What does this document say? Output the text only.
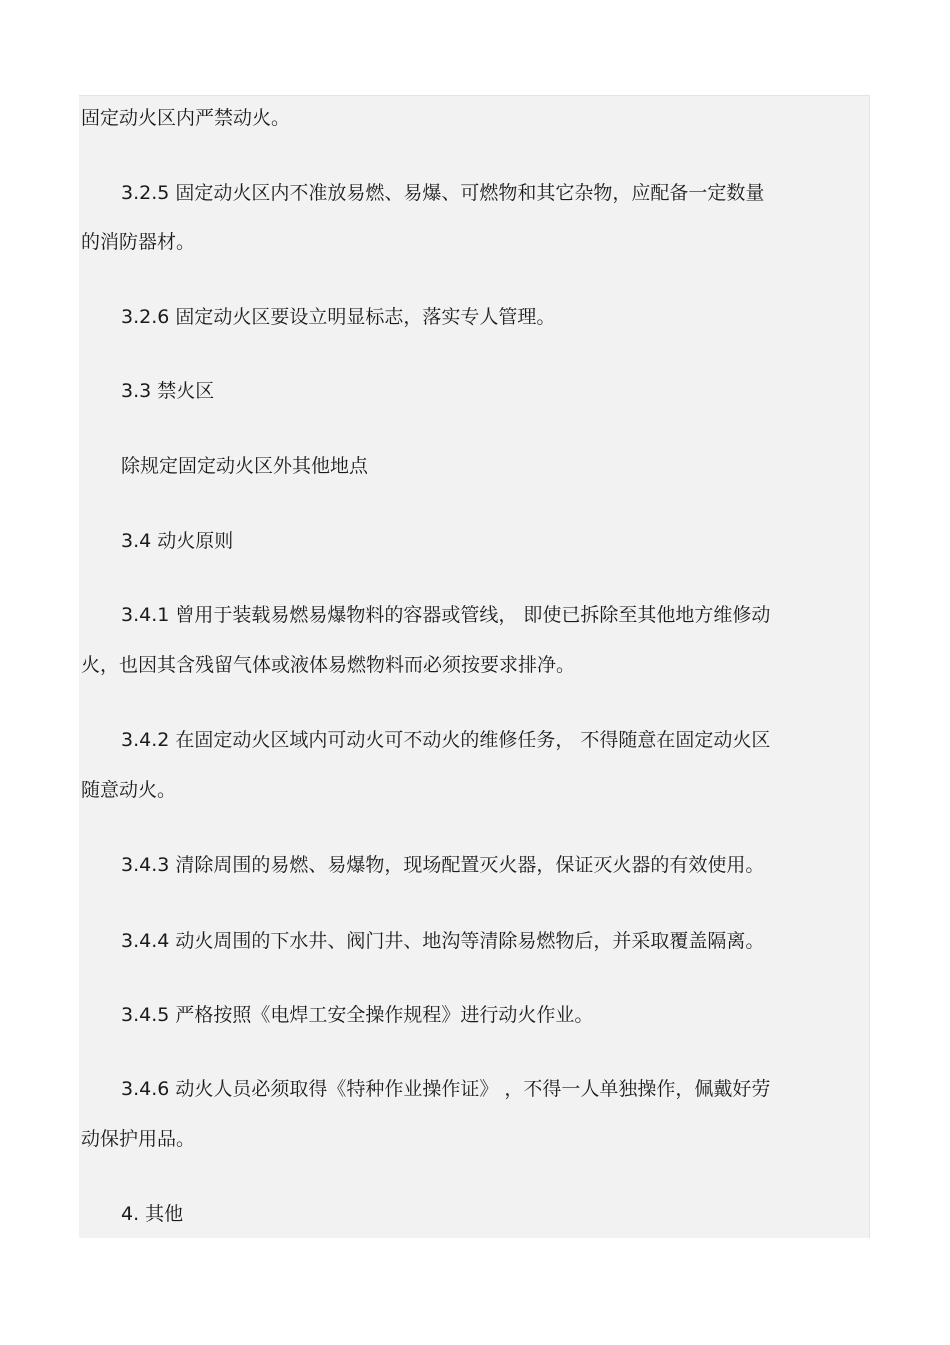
固定动火区内严禁动火。
3.2.5 固定动火区内不准放易燃、易爆、可燃物和其它杂物，应配备一定数量
的消防器材。
3.2.6 固定动火区要设立明显标志，落实专人管理。
3.3 禁火区
除规定固定动火区外其他地点
3.4 动火原则
3.4.1 曾用于装载易燃易爆物料的容器或管线， 即使已拆除至其他地方维修动
火，也因其含残留气体或液体易燃物料而必须按要求排净。
3.4.2 在固定动火区域内可动火可不动火的维修任务， 不得随意在固定动火区
随意动火。
3.4.3 清除周围的易燃、易爆物，现场配置灭火器，保证灭火器的有效使用。
3.4.4 动火周围的下水井、阀门井、地沟等清除易燃物后，并采取覆盖隔离。
3.4.5 严格按照《电焊工安全操作规程》进行动火作业。
3.4.6 动火人员必须取得《特种作业操作证》 ，不得一人单独操作，佩戴好劳
动保护用品。
4. 其他
